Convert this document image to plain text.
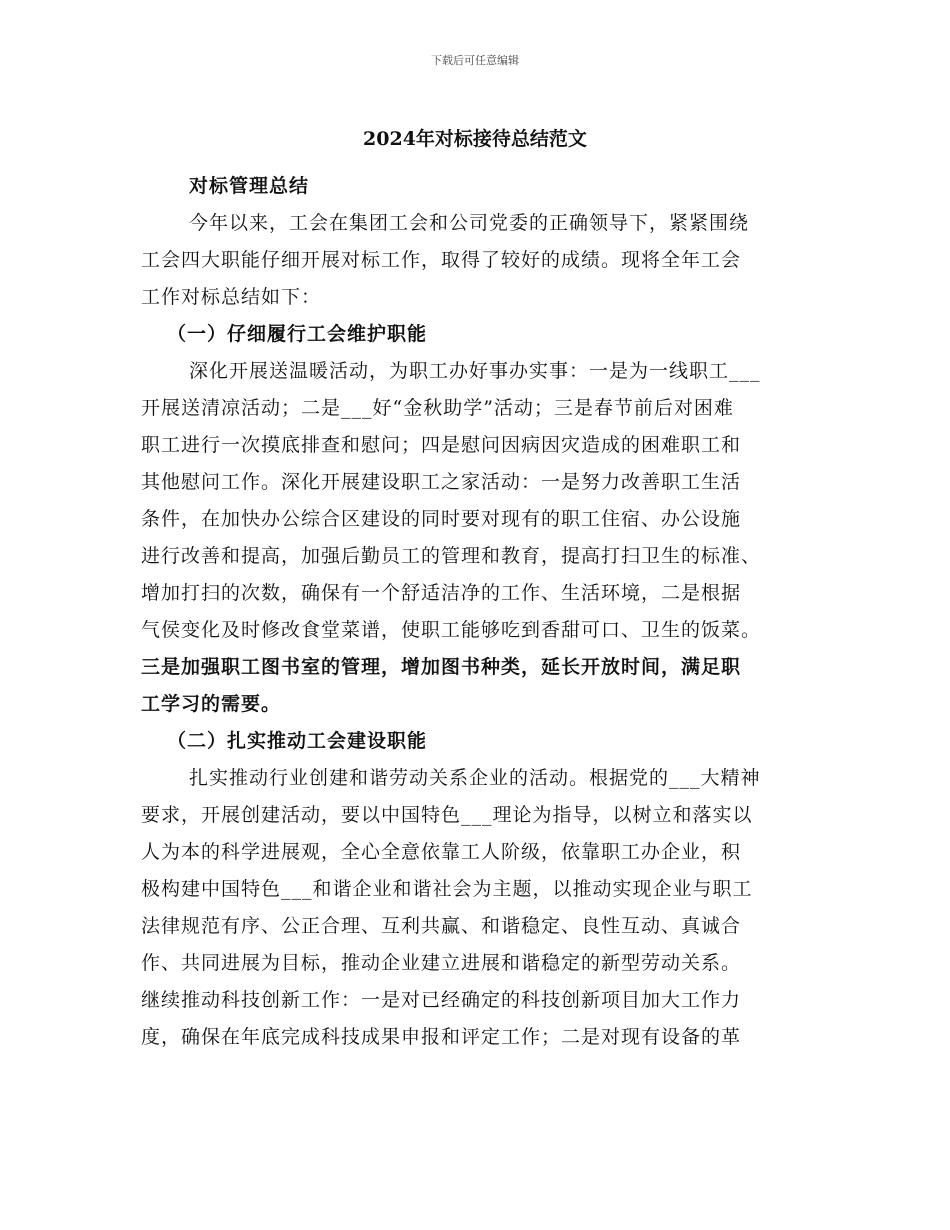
下载后可任意编辑
2024年对标接待总结范文
对标管理总结
今年以来，工会在集团工会和公司党委的正确领导下，紧紧围绕
工会四大职能仔细开展对标工作，取得了较好的成绩。现将全年工会
工作对标总结如下：
（一）仔细履行工会维护职能
深化开展送温暖活动，为职工办好事办实事：一是为一线职工___
开展送清凉活动；二是___好“金秋助学”活动；三是春节前后对困难
职工进行一次摸底排查和慰问；四是慰问因病因灾造成的困难职工和
其他慰问工作。深化开展建设职工之家活动：一是努力改善职工生活
条件，在加快办公综合区建设的同时要对现有的职工住宿、办公设施
进行改善和提高，加强后勤员工的管理和教育，提高打扫卫生的标准、
增加打扫的次数，确保有一个舒适洁净的工作、生活环境，二是根据
气侯变化及时修改食堂菜谱，使职工能够吃到香甜可口、卫生的饭菜。
三是加强职工图书室的管理，增加图书种类，延长开放时间，满足职
工学习的需要。
（二）扎实推动工会建设职能
扎实推动行业创建和谐劳动关系企业的活动。根据党的___大精神
要求，开展创建活动，要以中国特色___理论为指导，以树立和落实以
人为本的科学进展观，全心全意依靠工人阶级，依靠职工办企业，积
极构建中国特色___和谐企业和谐社会为主题，以推动实现企业与职工
法律规范有序、公正合理、互利共赢、和谐稳定、良性互动、真诚合
作、共同进展为目标，推动企业建立进展和谐稳定的新型劳动关系。
继续推动科技创新工作：一是对已经确定的科技创新项目加大工作力
度，确保在年底完成科技成果申报和评定工作；二是对现有设备的革
